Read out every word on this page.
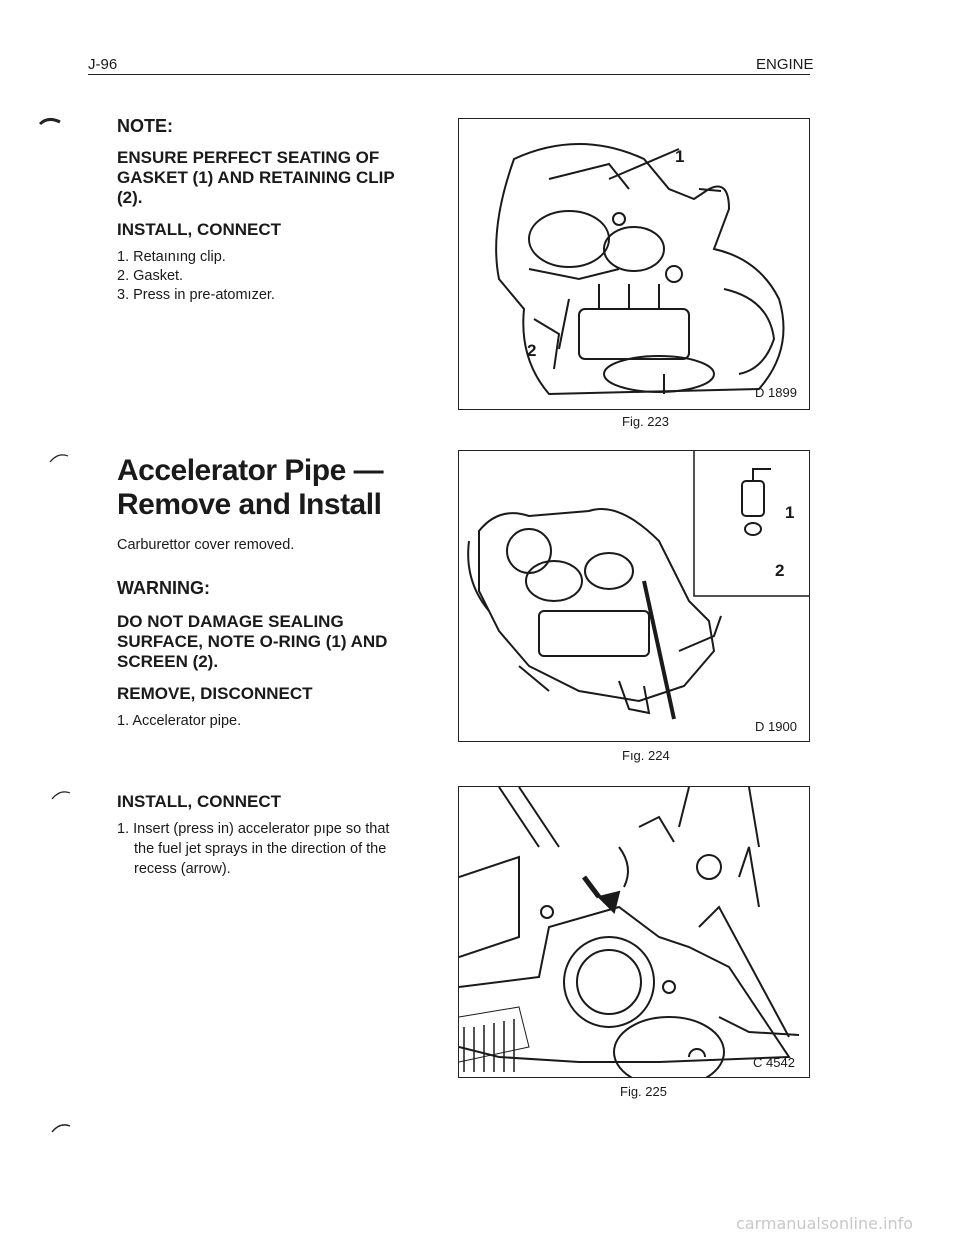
J-96	ENGINE
NOTE:
ENSURE PERFECT SEATING OF
GASKET (1) AND RETAINING CLIP
(2).
INSTALL, CONNECT
1. Retaınıng clip.
2. Gasket.
3. Press in pre-atomızer.
Accelerator Pipe —
Remove and Install
Carburettor cover removed.
WARNING:
DO NOT DAMAGE SEALING
SURFACE, NOTE O-RING (1) AND
SCREEN (2).
REMOVE, DISCONNECT
1. Accelerator pipe.
INSTALL, CONNECT
1. Insert (press in) accelerator pıpe so that
the fuel jet sprays in the direction of the
recess (arrow).
1
2
D 1899
Fig. 223
1
2
D 1900
Fıg. 224
C 4542
Fig. 225
carmanualsonline.info
